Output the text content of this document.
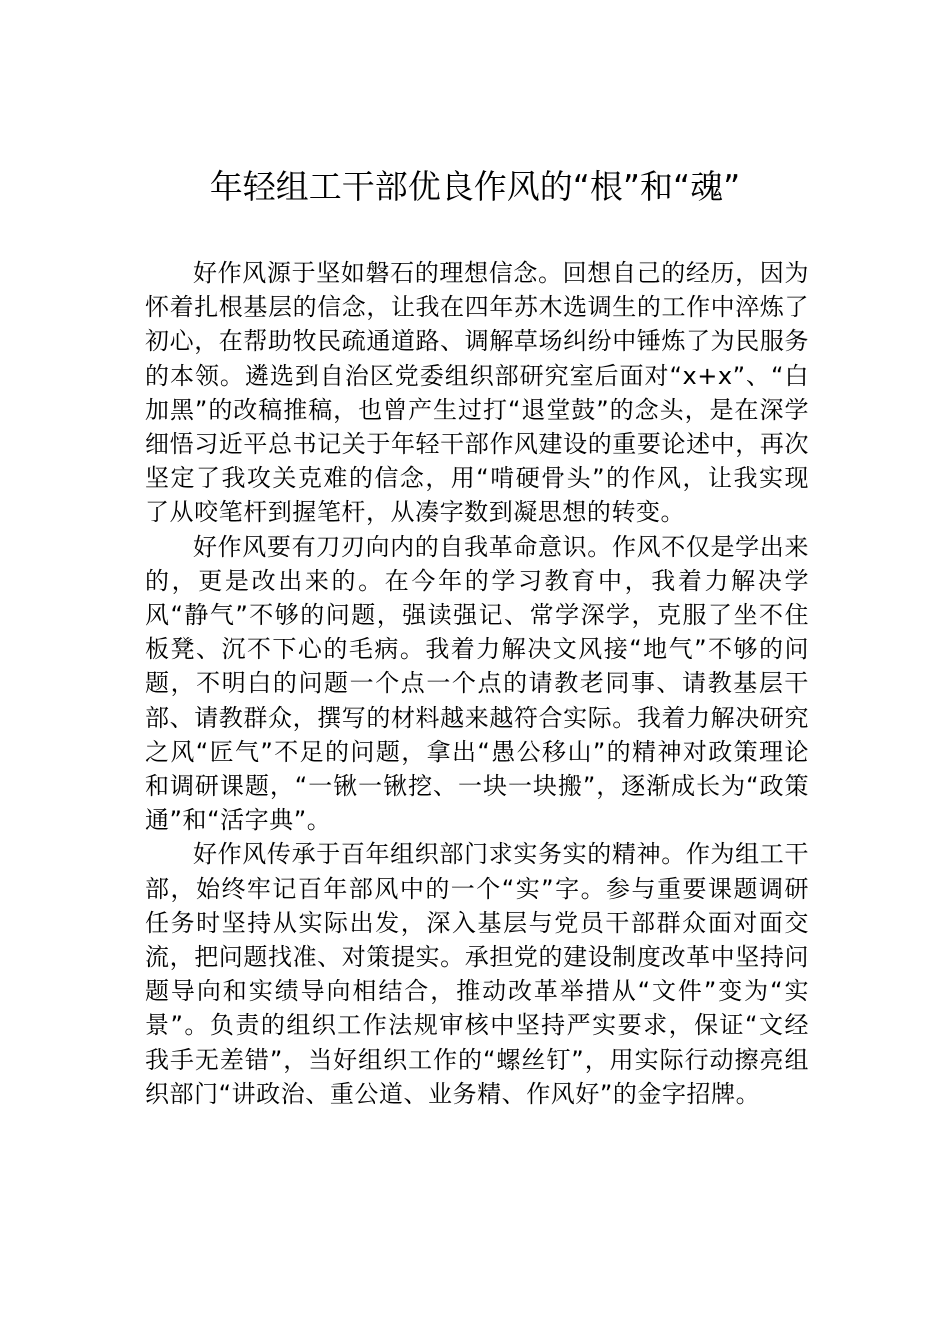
年轻组工干部优良作风的“根”和“魂”

好作风源于坚如磐石的理想信念。回想自己的经历，因为怀着扎根基层的信念，让我在四年苏木选调生的工作中淬炼了初心，在帮助牧民疏通道路、调解草场纠纷中锤炼了为民服务的本领。遴选到自治区党委组织部研究室后面对“x+x”、“白加黑”的改稿推稿，也曾产生过打“退堂鼓”的念头，是在深学细悟习近平总书记关于年轻干部作风建设的重要论述中，再次坚定了我攻关克难的信念，用“啃硬骨头”的作风，让我实现了从咬笔杆到握笔杆，从凑字数到凝思想的转变。

好作风要有刀刃向内的自我革命意识。作风不仅是学出来的，更是改出来的。在今年的学习教育中，我着力解决学风“静气”不够的问题，强读强记、常学深学，克服了坐不住板凳、沉不下心的毛病。我着力解决文风接“地气”不够的问题，不明白的问题一个点一个点的请教老同事、请教基层干部、请教群众，撰写的材料越来越符合实际。我着力解决研究之风“匠气”不足的问题，拿出“愚公移山”的精神对政策理论和调研课题，“一锹一锹挖、一块一块搬”，逐渐成长为“政策通”和“活字典”。

好作风传承于百年组织部门求实务实的精神。作为组工干部，始终牢记百年部风中的一个“实”字。参与重要课题调研任务时坚持从实际出发，深入基层与党员干部群众面对面交流，把问题找准、对策提实。承担党的建设制度改革中坚持问题导向和实绩导向相结合，推动改革举措从“文件”变为“实景”。负责的组织工作法规审核中坚持严实要求，保证“文经我手无差错”，当好组织工作的“螺丝钉”，用实际行动擦亮组织部门“讲政治、重公道、业务精、作风好”的金字招牌。
